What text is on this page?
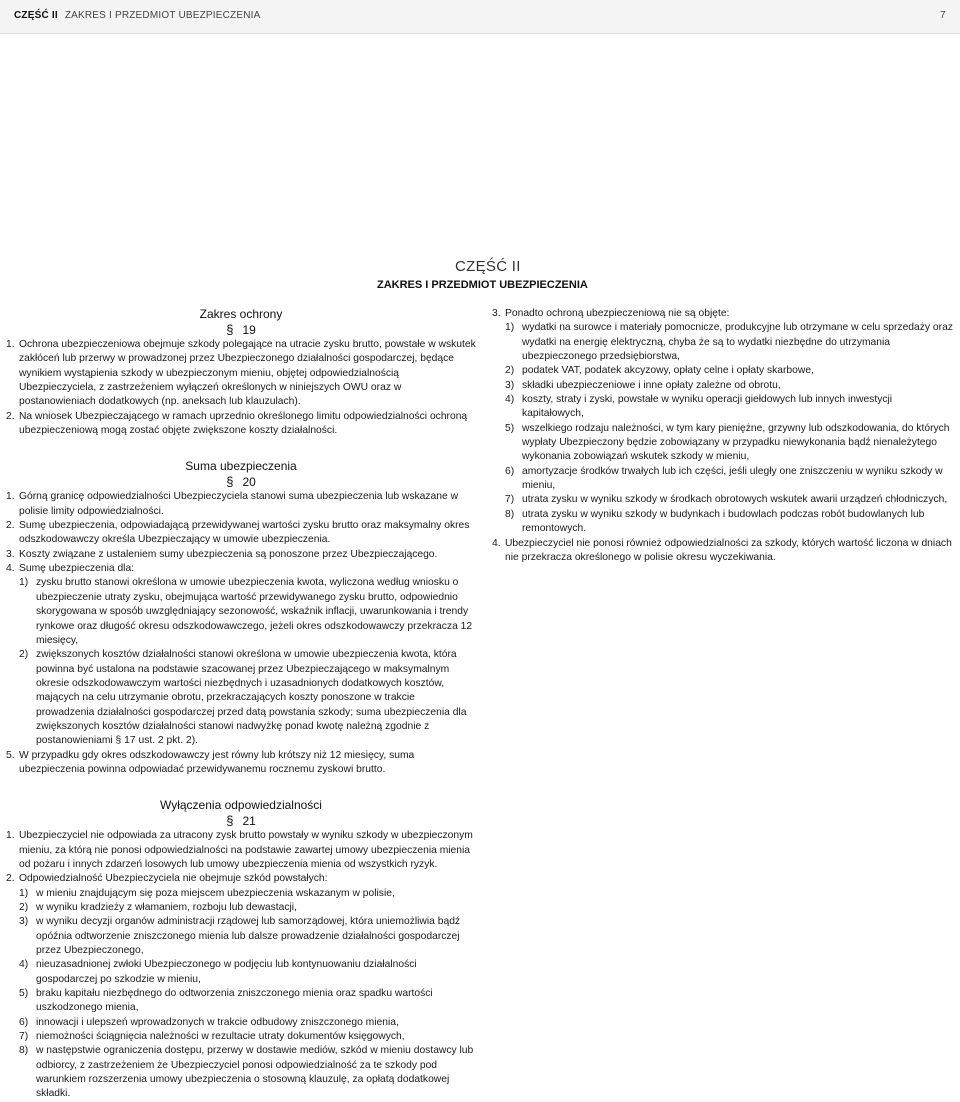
CZĘŚĆ II ZAKRES I PRZEDMIOT UBEZPIECZENIA	7
CZĘŚĆ II
ZAKRES I PRZEDMIOT UBEZPIECZENIA
Zakres ochrony
§ 19
1. Ochrona ubezpieczeniowa obejmuje szkody polegające na utracie zysku brutto, powstałe w wskutek zakłóceń lub przerwy w prowadzonej przez Ubezpieczonego działalności gospodarczej, będące wynikiem wystąpienia szkody w ubezpieczonym mieniu, objętej odpowiedzialnością Ubezpieczyciela, z zastrzeżeniem wyłączeń określonych w niniejszych OWU oraz w postanowieniach dodatkowych (np. aneksach lub klauzulach).
2. Na wniosek Ubezpieczającego w ramach uprzednio określonego limitu odpowiedzialności ochroną ubezpieczeniową mogą zostać objęte zwiększone koszty działalności.
Suma ubezpieczenia
§ 20
1. Górną granicę odpowiedzialności Ubezpieczyciela stanowi suma ubezpieczenia lub wskazane w polisie limity odpowiedzialności.
2. Sumę ubezpieczenia, odpowiadającą przewidywanej wartości zysku brutto oraz maksymalny okres odszkodowawczy określa Ubezpieczający w umowie ubezpieczenia.
3. Koszty związane z ustaleniem sumy ubezpieczenia są ponoszone przez Ubezpieczającego.
4. Sumę ubezpieczenia dla:
1) zysku brutto stanowi określona w umowie ubezpieczenia kwota, wyliczona według wniosku o ubezpieczenie utraty zysku, obejmująca wartość przewidywanego zysku brutto, odpowiednio skorygowana w sposób uwzględniający sezonowość, wskaźnik inflacji, uwarunkowania i trendy rynkowe oraz długość okresu odszkodowawczego, jeżeli okres odszkodowawczy przekracza 12 miesięcy,
2) zwiększonych kosztów działalności stanowi określona w umowie ubezpieczenia kwota, która powinna być ustalona na podstawie szacowanej przez Ubezpieczającego w maksymalnym okresie odszkodowawczym wartości niezbędnych i uzasadnionych dodatkowych kosztów, mających na celu utrzymanie obrotu, przekraczających koszty ponoszone w trakcie prowadzenia działalności gospodarczej przed datą powstania szkody; suma ubezpieczenia dla zwiększonych kosztów działalności stanowi nadwyżkę ponad kwotę należną zgodnie z postanowieniami § 17 ust. 2 pkt. 2).
5. W przypadku gdy okres odszkodowawczy jest równy lub krótszy niż 12 miesięcy, suma ubezpieczenia powinna odpowiadać przewidywanemu rocznemu zyskowi brutto.
Wyłączenia odpowiedzialności
§ 21
1. Ubezpieczyciel nie odpowiada za utracony zysk brutto powstały w wyniku szkody w ubezpieczonym mieniu, za którą nie ponosi odpowiedzialności na podstawie zawartej umowy ubezpieczenia mienia od pożaru i innych zdarzeń losowych lub umowy ubezpieczenia mienia od wszystkich ryzyk.
2. Odpowiedzialność Ubezpieczyciela nie obejmuje szkód powstałych:
1) w mieniu znajdującym się poza miejscem ubezpieczenia wskazanym w polisie,
2) w wyniku kradzieży z włamaniem, rozboju lub dewastacji,
3) w wyniku decyzji organów administracji rządowej lub samorządowej, która uniemożliwia bądź opóźnia odtworzenie zniszczonego mienia lub dalsze prowadzenie działalności gospodarczej przez Ubezpieczonego,
4) nieuzasadnionej zwłoki Ubezpieczonego w podjęciu lub kontynuowaniu działalności gospodarczej po szkodzie w mieniu,
5) braku kapitału niezbędnego do odtworzenia zniszczonego mienia oraz spadku wartości uszkodzonego mienia,
6) innowacji i ulepszeń wprowadzonych w trakcie odbudowy zniszczonego mienia,
7) niemożności ściągnięcia należności w rezultacie utraty dokumentów księgowych,
8) w następstwie ograniczenia dostępu, przerwy w dostawie mediów, szkód w mieniu dostawcy lub odbiorcy, z zastrzeżeniem że Ubezpieczyciel ponosi odpowiedzialność za te szkody pod warunkiem rozszerzenia umowy ubezpieczenia o stosowną klauzulę, za opłatą dodatkowej składki.
3. Ponadto ochroną ubezpieczeniową nie są objęte:
1) wydatki na surowce i materiały pomocnicze, produkcyjne lub otrzymane w celu sprzedaży oraz wydatki na energię elektryczną, chyba że są to wydatki niezbędne do utrzymania ubezpieczonego przedsiębiorstwa,
2) podatek VAT, podatek akcyzowy, opłaty celne i opłaty skarbowe,
3) składki ubezpieczeniowe i inne opłaty zależne od obrotu,
4) koszty, straty i zyski, powstałe w wyniku operacji giełdowych lub innych inwestycji kapitałowych,
5) wszelkiego rodzaju należności, w tym kary pieniężne, grzywny lub odszkodowania, do których wypłaty Ubezpieczony będzie zobowiązany w przypadku niewykonania bądź nienależytego wykonania zobowiązań wskutek szkody w mieniu,
6) amortyzacje środków trwałych lub ich części, jeśli uległy one zniszczeniu w wyniku szkody w mieniu,
7) utrata zysku w wyniku szkody w środkach obrotowych wskutek awarii urządzeń chłodniczych,
8) utrata zysku w wyniku szkody w budynkach i budowlach podczas robót budowlanych lub remontowych.
4. Ubezpieczyciel nie ponosi również odpowiedzialności za szkody, których wartość liczona w dniach nie przekracza określonego w polisie okresu wyczekiwania.
